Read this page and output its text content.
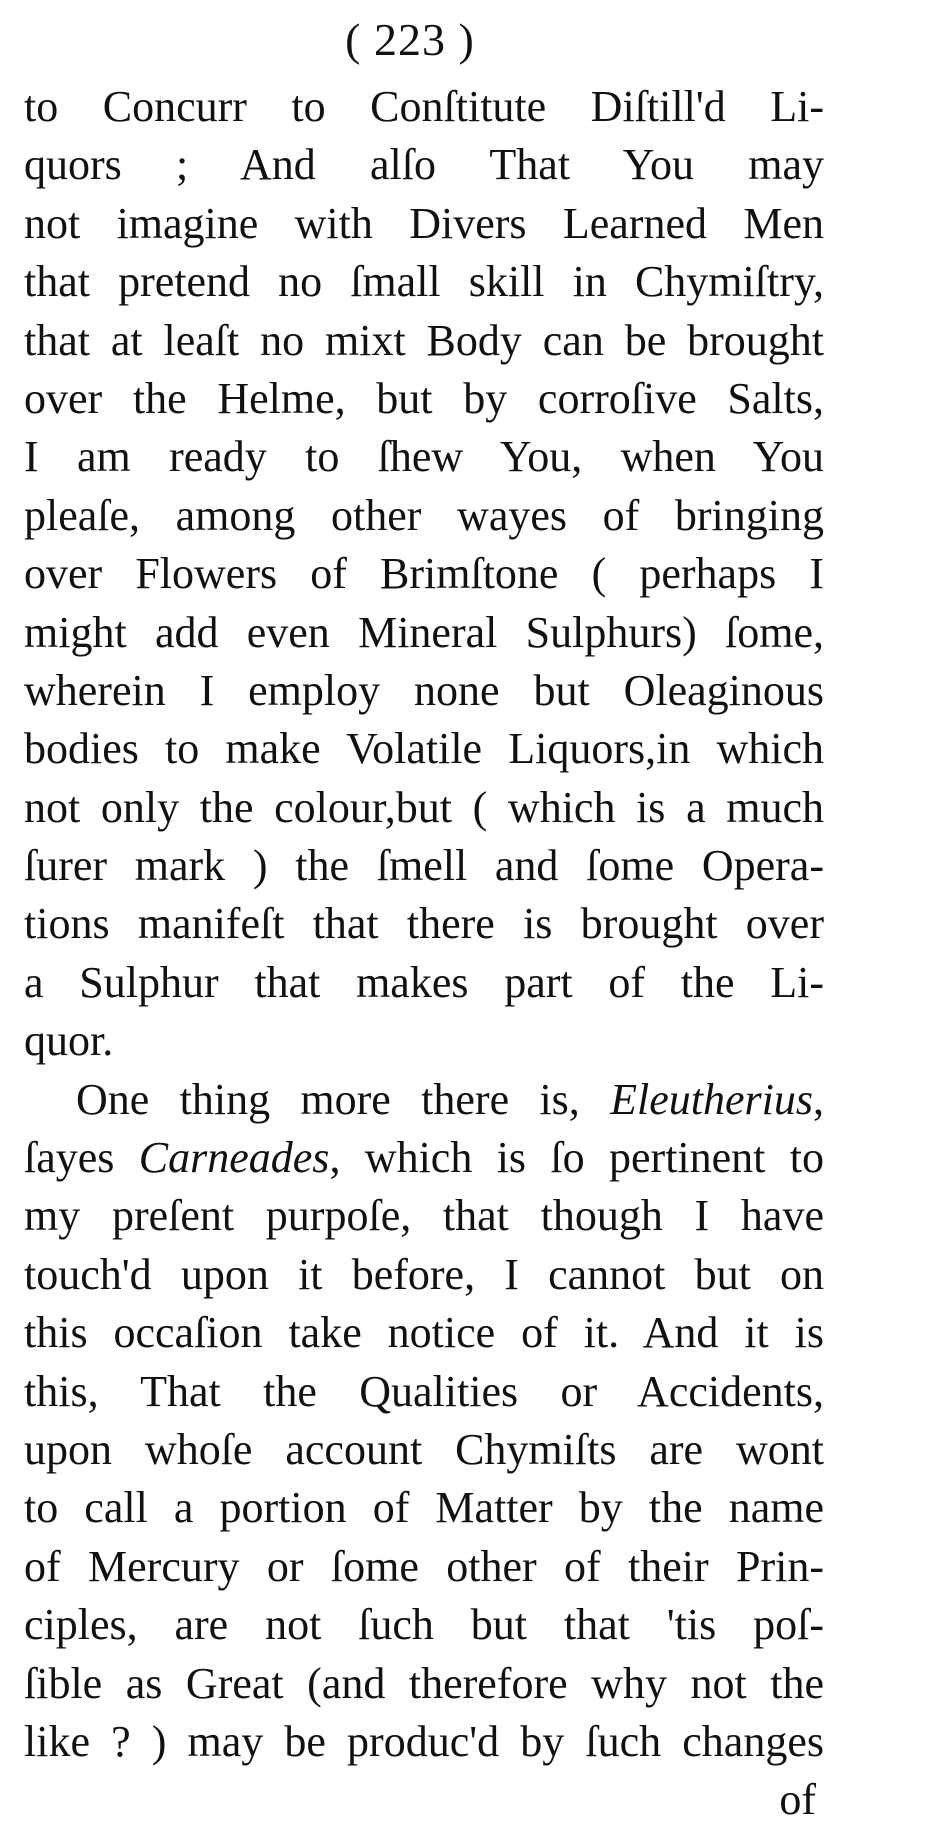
( 223 )
to Concurr to Conſtitute Diſtill'd Li-
quors ; And alſo That You may
not imagine with Divers Learned Men
that pretend no ſmall skill in Chymiſtry,
that at leaſt no mixt Body can be brought
over the Helme, but by corroſive Salts,
I am ready to ſhew You, when You
pleaſe, among other wayes of bringing
over Flowers of Brimſtone ( perhaps I
might add even Mineral Sulphurs) ſome,
wherein I employ none but Oleaginous
bodies to make Volatile Liquors,in which
not only the colour,but ( which is a much
ſurer mark ) the ſmell and ſome Opera-
tions manifeſt that there is brought over
a Sulphur that makes part of the Li-
quor.
One thing more there is, Eleutherius,
ſayes Carneades, which is ſo pertinent to
my preſent purpoſe, that though I have
touch'd upon it before, I cannot but on
this occaſion take notice of it. And it is
this, That the Qualities or Accidents,
upon whoſe account Chymiſts are wont
to call a portion of Matter by the name
of Mercury or ſome other of their Prin-
ciples, are not ſuch but that 'tis poſ-
ſible as Great (and therefore why not the
like ? ) may be produc'd by ſuch changes
of
